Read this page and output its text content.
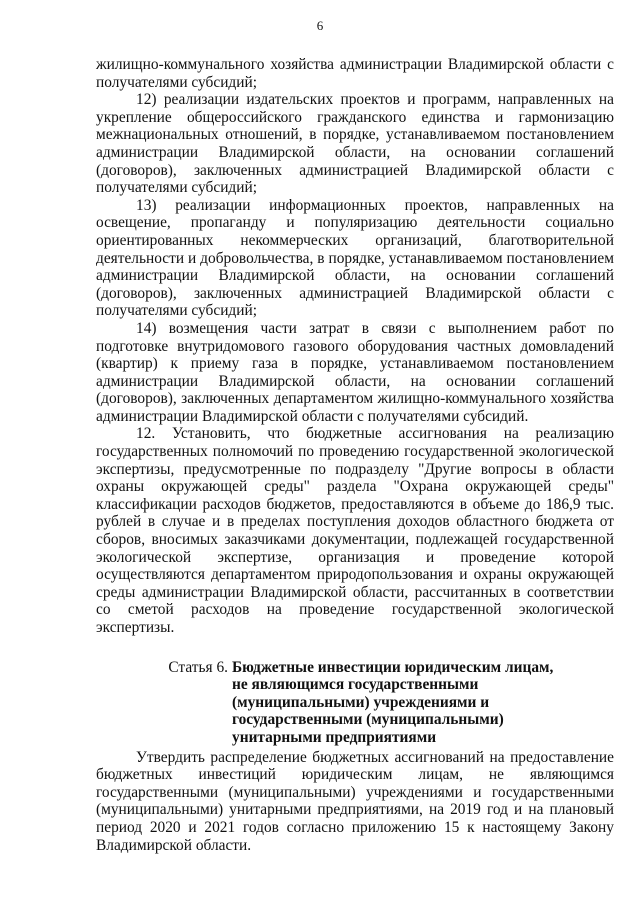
6

жилищно-коммунального хозяйства администрации Владимирской области с получателями субсидий;

12) реализации издательских проектов и программ, направленных на укрепление общероссийского гражданского единства и гармонизацию межнациональных отношений, в порядке, устанавливаемом постановлением администрации Владимирской области, на основании соглашений (договоров), заключенных администрацией Владимирской области с получателями субсидий;

13) реализации информационных проектов, направленных на освещение, пропаганду и популяризацию деятельности социально ориентированных некоммерческих организаций, благотворительной деятельности и добровольчества, в порядке, устанавливаемом постановлением администрации Владимирской области, на основании соглашений (договоров), заключенных администрацией Владимирской области с получателями субсидий;

14) возмещения части затрат в связи с выполнением работ по подготовке внутридомового газового оборудования частных домовладений (квартир) к приему газа в порядке, устанавливаемом постановлением администрации Владимирской области, на основании соглашений (договоров), заключенных департаментом жилищно-коммунального хозяйства администрации Владимирской области с получателями субсидий.

12. Установить, что бюджетные ассигнования на реализацию государственных полномочий по проведению государственной экологической экспертизы, предусмотренные по подразделу "Другие вопросы в области охраны окружающей среды" раздела "Охрана окружающей среды" классификации расходов бюджетов, предоставляются в объеме до 186,9 тыс. рублей в случае и в пределах поступления доходов областного бюджета от сборов, вносимых заказчиками документации, подлежащей государственной экологической экспертизе, организация и проведение которой осуществляются департаментом природопользования и охраны окружающей среды администрации Владимирской области, рассчитанных в соответствии со сметой расходов на проведение государственной экологической экспертизы.

Статья 6. Бюджетные инвестиции юридическим лицам, не являющимся государственными (муниципальными) учреждениями и государственными (муниципальными) унитарными предприятиями

Утвердить распределение бюджетных ассигнований на предоставление бюджетных инвестиций юридическим лицам, не являющимся государственными (муниципальными) учреждениями и государственными (муниципальными) унитарными предприятиями, на 2019 год и на плановый период 2020 и 2021 годов согласно приложению 15 к настоящему Закону Владимирской области.
